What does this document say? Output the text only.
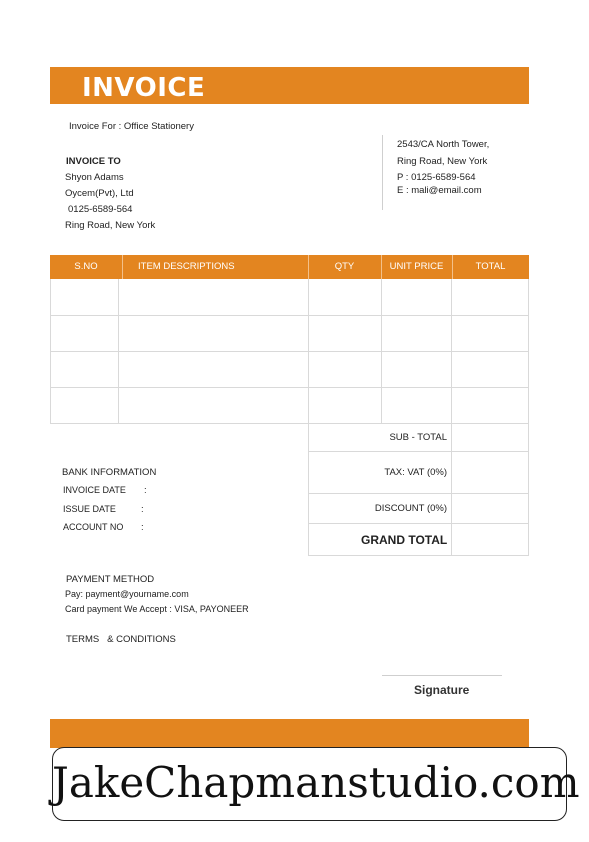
INVOICE
Invoice For : Office Stationery
INVOICE TO
Shyon Adams
Oycem(Pvt), Ltd
0125-6589-564
Ring Road, New York
2543/CA North Tower,
Ring Road, New York
P : 0125-6589-564
E : mali@email.com
S.NO	ITEM DESCRIPTIONS	QTY	UNIT PRICE	TOTAL
SUB - TOTAL
TAX: VAT (0%)
DISCOUNT (0%)
GRAND TOTAL
BANK INFORMATION
INVOICE DATE :
ISSUE DATE	:
ACCOUNT NO :
PAYMENT METHOD
Pay: payment@yourname.com
Card payment We Accept : VISA, PAYONEER
TERMS   & CONDITIONS
Signature
JakeChapmanstudio.com
